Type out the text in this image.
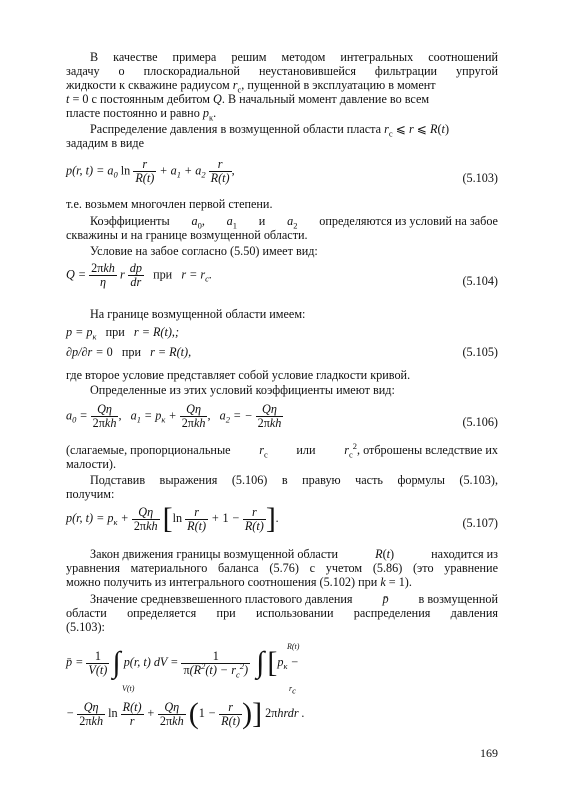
В качестве примера решим методом интегральных соотношений
задачу о плоскорадиальной неустановившейся фильтрации упругой
жидкости к скважине радиусом $r_c$, пущенной в эксплуатацию в момент
t = 0 с постоянным дебитом Q. В начальный момент давление во всем
пласте постоянно и равно $p_к$.
Распределение давления в возмущенной области пласта $r_c$ ⩽ r ⩽ R(t)
зададим в виде
p(r, $t) = a_0$ $\ln \frac{r}{R(t)} + a_1 + a_2 \frac{r}{R(t)}$ ,
(5.103)
т.е. возьмем многочлен первой степени.
Коэффициенты $a_0$, $a_1$ и $a_2$ определяются из условий на забое
скважины и на границе возмущенной области.
Условие на забое согласно (5.50) имеет вид:
Q = 2πkh
η
r $\frac{dp}{dr}$ при   $r = r_c$.	(5.104)
На границе возмущенной области имеем:
$p = p_к$ при   r = R(t),;
∂p/∂r = 0 при   r = R(t),	(5.105)
где второе условие представляет собой условие гладкости кривой.
Определенные из этих условий коэффициенты имеют вид:
$a_0 = Q\eta$
2πkh
,   $a_1 = p_к + Q\eta$
2πkh
,   $a_2$ = − Qη
2πkh	(5.106)
(слагаемые, пропорциональные $r_c$ или $r_c^2$, отброшены вследствие их
малости).
Подставив выражения (5.106) в правую часть формулы (5.103),
получим:
p(r, $t) = p_к + Q\eta$
2πkh [$\ln \frac{r}{R(t)} + 1 - \frac{r}{R(t)}$ ].	(5.107)
Закон движения границы возмущенной области	R(t)	находится из
уравнения материального баланса (5.76) с учетом (5.86) (это уравнение
можно получить из интегрального соотношения (5.102) при k = 1).
Значение средневзвешенного пластового давления p̄ в возмущенной
области определяется при использовании распределения давления
(5.103):
p̄ = $\frac{1}{V(t)}$ ∫ p(r, t) dV = $\frac{1}{\pi(R^2(t) - r_c^2)}$ ∫ [$p_к$ −
V(t)
R(t)
$r_c$
− Qη
2πkh
$\ln \frac{R(t)}{r} + Q\eta$
2πkh ($1 - \frac{r}{R(t)}$ )] 2πhrdr .
169
